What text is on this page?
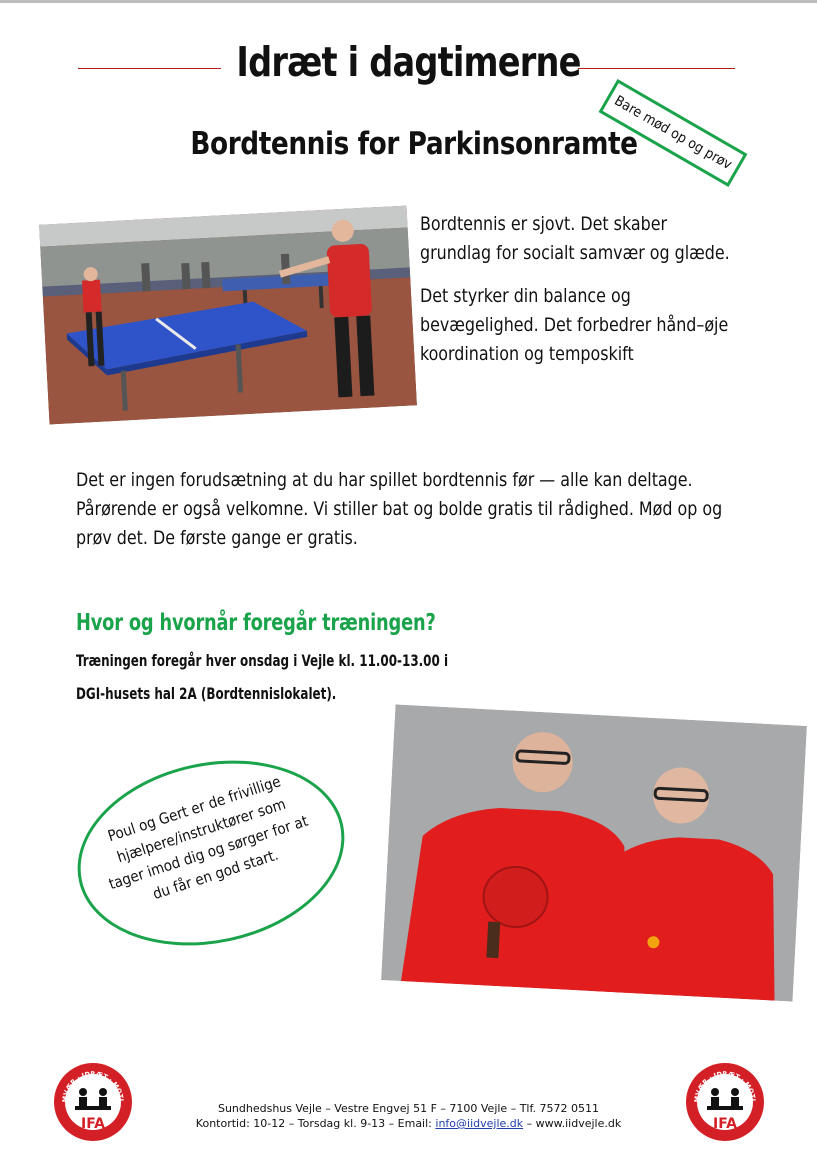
Idræt i dagtimerne
Bordtennis for Parkinsonramte
Bare mød op og prøv

Bordtennis er sjovt. Det skaber grundlag for socialt samvær og glæde.

Det styrker din balance og bevægelighed. Det forbedrer hånd–øje koordination og temposkift

Det er ingen forudsætning at du har spillet bordtennis før — alle kan deltage. Pårørende er også velkomne. Vi stiller bat og bolde gratis til rådighed. Mød op og prøv det. De første gange er gratis.

Hvor og hvornår foregår træningen?

Træningen foregår hver onsdag i Vejle kl. 11.00-13.00 i

DGI-husets hal 2A (Bordtennislokalet).

Poul og Gert er de frivillige hjælpere/instruktører som tager imod dig og sørger for at du får en god start.

MVÆR · IDRÆT · MOTI
IFA
MVÆR · IDRÆT · MOTI
IFA
Sundhedshus Vejle – Vestre Engvej 51 F – 7100 Vejle – Tlf. 7572 0511
Kontortid: 10-12 – Torsdag kl. 9-13 – Email: info@iidvejle.dk – www.iidvejle.dk
